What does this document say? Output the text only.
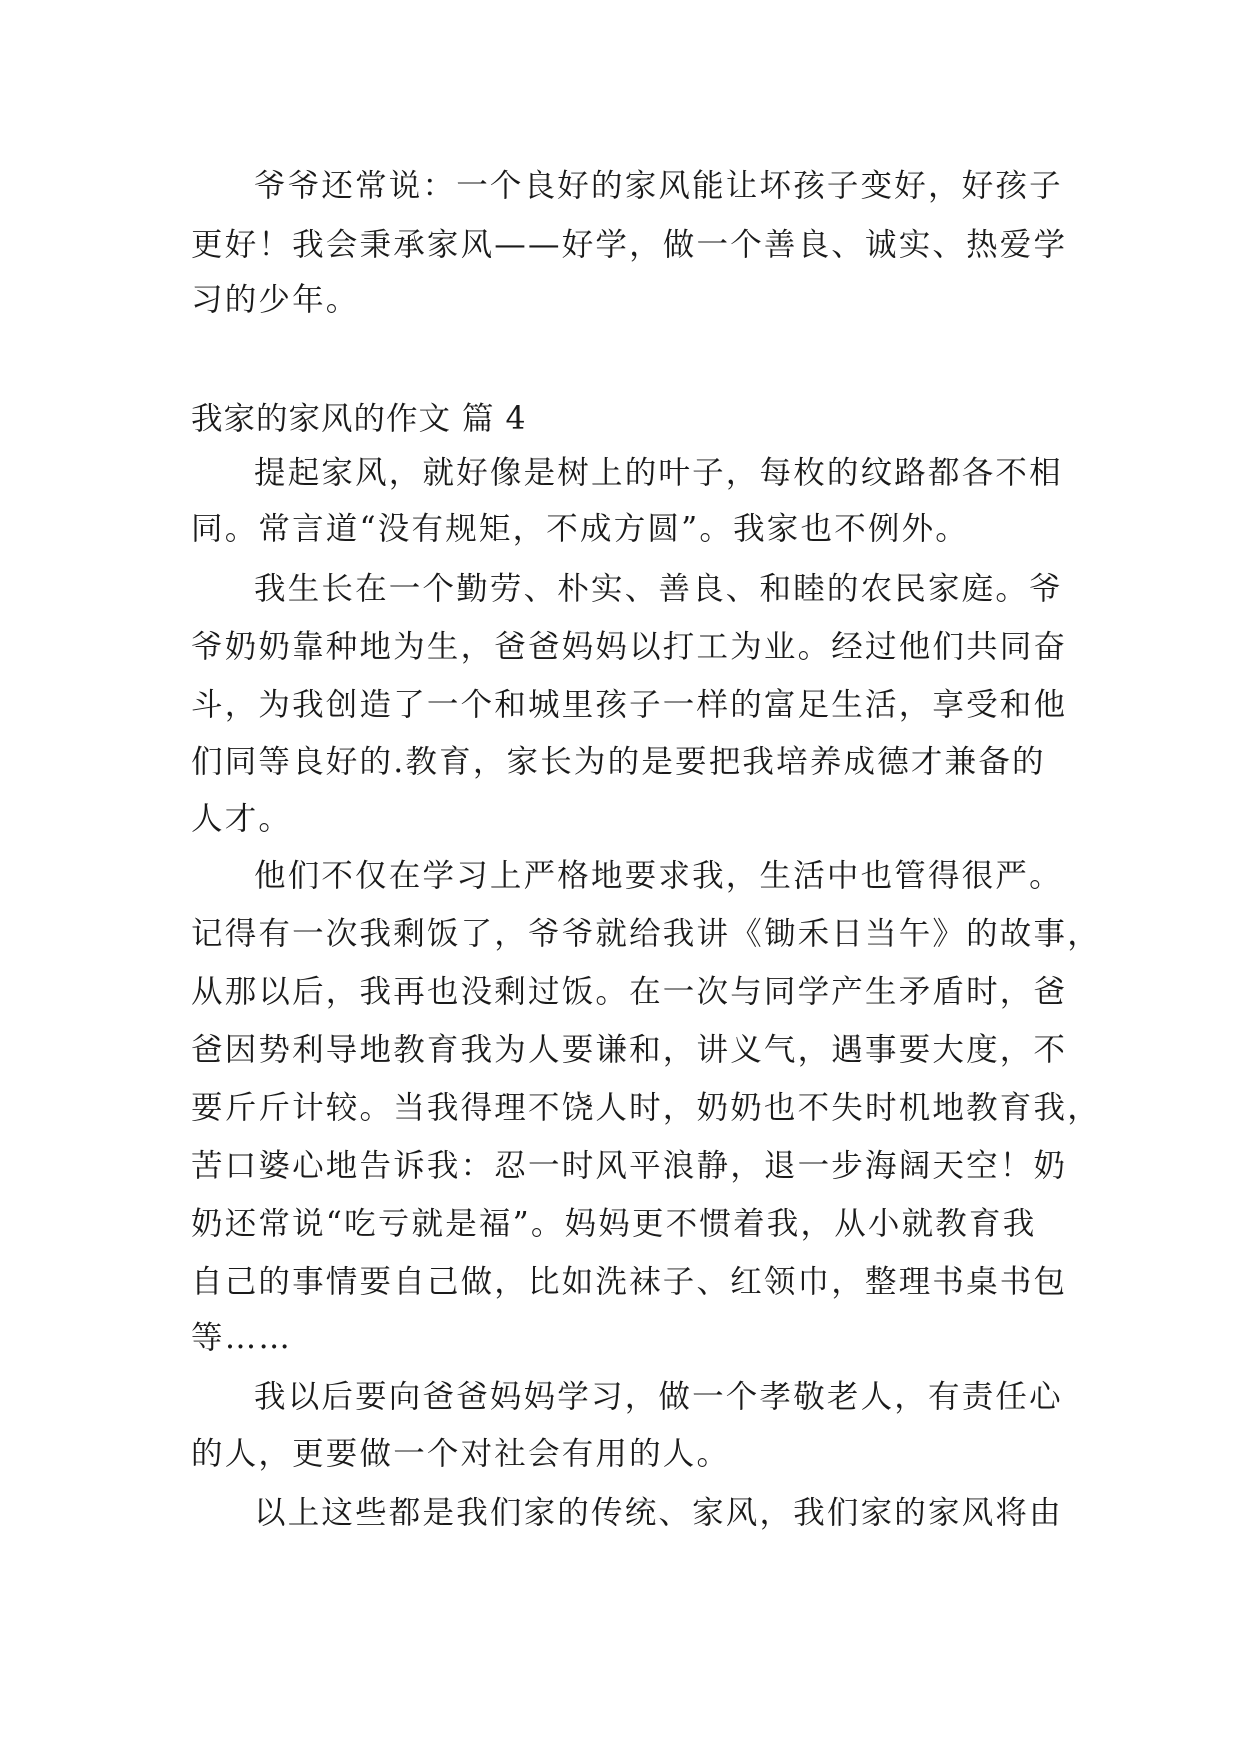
爷爷还常说：一个良好的家风能让坏孩子变好，好孩子

更好！我会秉承家风——好学，做一个善良、诚实、热爱学

习的少年。

我家的家风的作文 篇 4

提起家风，就好像是树上的叶子，每枚的纹路都各不相

同。常言道“没有规矩，不成方圆”。我家也不例外。

我生长在一个勤劳、朴实、善良、和睦的农民家庭。爷

爷奶奶靠种地为生，爸爸妈妈以打工为业。经过他们共同奋

斗，为我创造了一个和城里孩子一样的富足生活，享受和他

们同等良好的.教育，家长为的是要把我培养成德才兼备的

人才。

他们不仅在学习上严格地要求我，生活中也管得很严。

记得有一次我剩饭了，爷爷就给我讲《锄禾日当午》的故事，

从那以后，我再也没剩过饭。在一次与同学产生矛盾时，爸

爸因势利导地教育我为人要谦和，讲义气，遇事要大度，不

要斤斤计较。当我得理不饶人时，奶奶也不失时机地教育我，

苦口婆心地告诉我：忍一时风平浪静，退一步海阔天空！奶

奶还常说“吃亏就是福”。妈妈更不惯着我，从小就教育我

自己的事情要自己做，比如洗袜子、红领巾，整理书桌书包

等……

我以后要向爸爸妈妈学习，做一个孝敬老人，有责任心

的人，更要做一个对社会有用的人。

以上这些都是我们家的传统、家风，我们家的家风将由
